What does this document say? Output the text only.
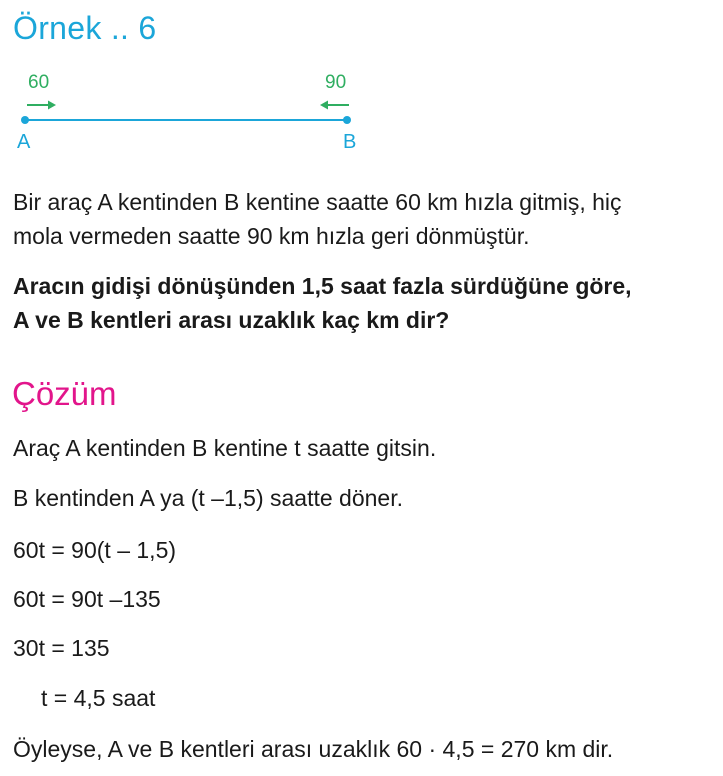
Örnek .. 6
60	90
A	B
Bir araç A kentinden B kentine saatte 60 km hızla gitmiş, hiç
mola vermeden saatte 90 km hızla geri dönmüştür.
Aracın gidişi dönüşünden 1,5 saat fazla sürdüğüne göre,
A ve B kentleri arası uzaklık kaç km dir?
Çözüm
Araç A kentinden B kentine t saatte gitsin.
B kentinden A ya (t –1,5) saatte döner.
60t = 90(t – 1,5)
60t = 90t –135
30t = 135
t = 4,5 saat
Öyleyse, A ve B kentleri arası uzaklık 60 · 4,5 = 270 km dir.
